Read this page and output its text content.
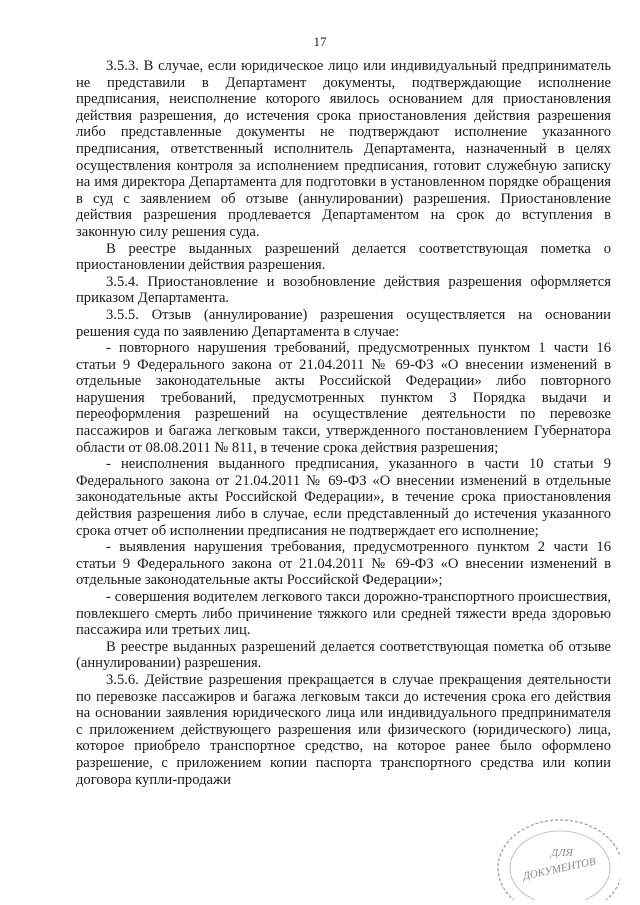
17

3.5.3. В случае, если юридическое лицо или индивидуальный предприниматель не представили в Департамент документы, подтверждающие исполнение предписания, неисполнение которого явилось основанием для приостановления действия разрешения, до истечения срока приостановления действия разрешения либо представленные документы не подтверждают исполнение указанного предписания, ответственный исполнитель Департамента, назначенный в целях осуществления контроля за исполнением предписания, готовит служебную записку на имя директора Департамента для подготовки в установленном порядке обращения в суд с заявлением об отзыве (аннулировании) разрешения. Приостановление действия разрешения продлевается Департаментом на срок до вступления в законную силу решения суда.

В реестре выданных разрешений делается соответствующая пометка о приостановлении действия разрешения.

3.5.4. Приостановление и возобновление действия разрешения оформляется приказом Департамента.

3.5.5. Отзыв (аннулирование) разрешения осуществляется на основании решения суда по заявлению Департамента в случае:

- повторного нарушения требований, предусмотренных пунктом 1 части 16 статьи 9 Федерального закона от 21.04.2011 № 69-ФЗ «О внесении изменений в отдельные законодательные акты Российской Федерации» либо повторного нарушения требований, предусмотренных пунктом 3 Порядка выдачи и переоформления разрешений на осуществление деятельности по перевозке пассажиров и багажа легковым такси, утвержденного постановлением Губернатора области от 08.08.2011 № 811, в течение срока действия разрешения;

- неисполнения выданного предписания, указанного в части 10 статьи 9 Федерального закона от 21.04.2011 № 69-ФЗ «О внесении изменений в отдельные законодательные акты Российской Федерации», в течение срока приостановления действия разрешения либо в случае, если представленный до истечения указанного срока отчет об исполнении предписания не подтверждает его исполнение;

- выявления нарушения требования, предусмотренного пунктом 2 части 16 статьи 9 Федерального закона от 21.04.2011 № 69-ФЗ «О внесении изменений в отдельные законодательные акты Российской Федерации»;

- совершения водителем легкового такси дорожно-транспортного происшествия, повлекшего смерть либо причинение тяжкого или средней тяжести вреда здоровью пассажира или третьих лиц.

В реестре выданных разрешений делается соответствующая пометка об отзыве (аннулировании) разрешения.

3.5.6. Действие разрешения прекращается в случае прекращения деятельности по перевозке пассажиров и багажа легковым такси до истечения срока его действия на основании заявления юридического лица или индивидуального предпринимателя с приложением действующего разрешения или физического (юридического) лица, которое приобрело транспортное средство, на которое ранее было оформлено разрешение, с приложением копии паспорта транспортного средства или копии договора купли-продажи

ДЛЯ
ДОКУМЕНТОВ
